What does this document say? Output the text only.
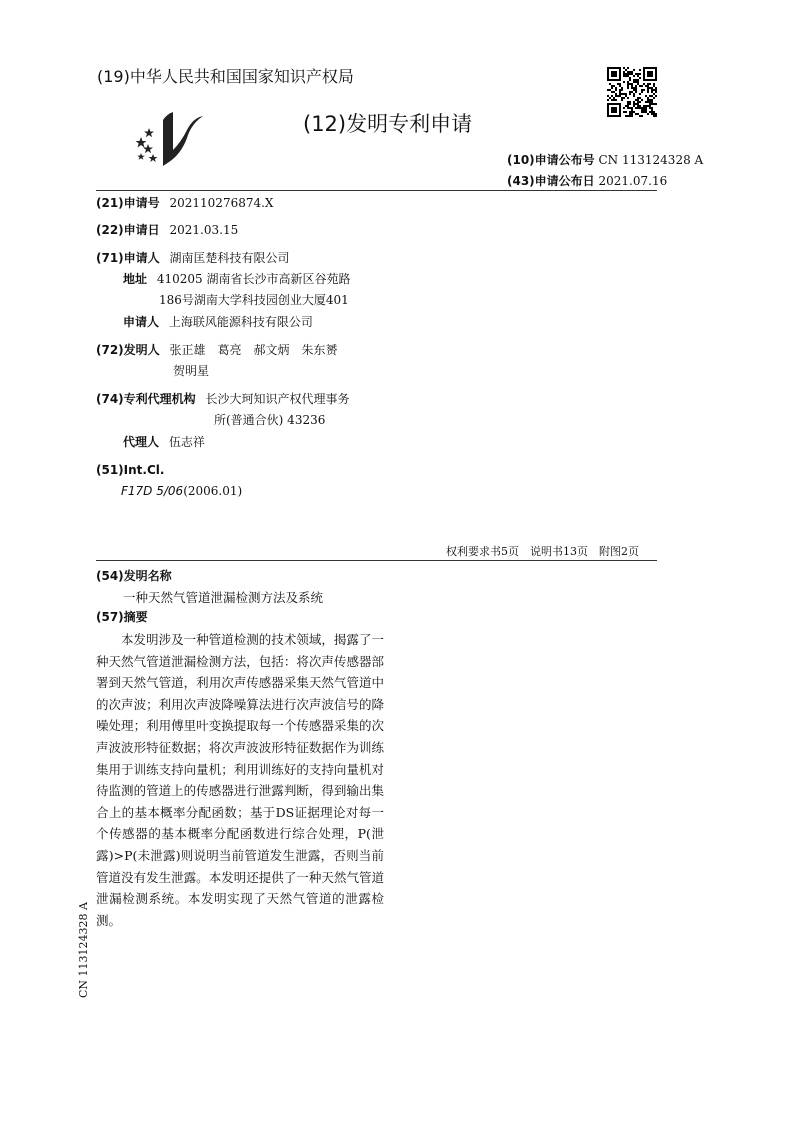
(19)中华人民共和国国家知识产权局
(12)发明专利申请
(10)申请公布号 CN 113124328 A
(43)申请公布日 2021.07.16
(21)申请号 202110276874.X
(22)申请日 2021.03.15
(71)申请人 湖南匡楚科技有限公司
地址 410205 湖南省长沙市高新区谷苑路
186号湖南大学科技园创业大厦401
申请人 上海联风能源科技有限公司
(72)发明人 张正雄　葛亮　郝文炳　朱东赟
贺明星
(74)专利代理机构 长沙大珂知识产权代理事务
所(普通合伙) 43236
代理人 伍志祥
(51)Int.Cl.
F17D 5/06(2006.01)
权利要求书5页　说明书13页　附图2页
(54)发明名称
一种天然气管道泄漏检测方法及系统
(57)摘要
本发明涉及一种管道检测的技术领域，揭露了一种天然气管道泄漏检测方法，包括：将次声传感器部署到天然气管道，利用次声传感器采集天然气管道中的次声波；利用次声波降噪算法进行次声波信号的降噪处理；利用傅里叶变换提取每一个传感器采集的次声波波形特征数据；将次声波波形特征数据作为训练集用于训练支持向量机；利用训练好的支持向量机对待监测的管道上的传感器进行泄露判断，得到输出集合上的基本概率分配函数；基于DS证据理论对每一个传感器的基本概率分配函数进行综合处理，P(泄露)>P(未泄露)则说明当前管道发生泄露，否则当前管道没有发生泄露。本发明还提供了一种天然气管道泄漏检测系统。本发明实现了天然气管道的泄露检测。
CN 113124328 A
